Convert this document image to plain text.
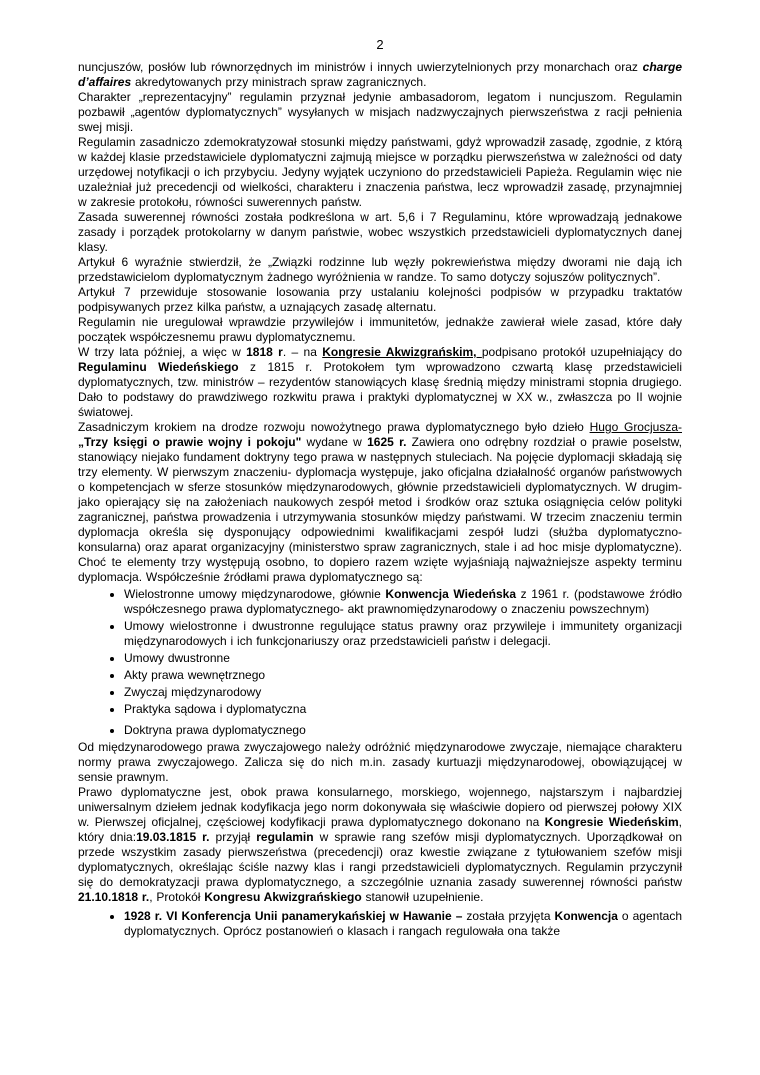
2

nuncjuszów, posłów lub równorzędnych im ministrów i innych uwierzytelnionych przy monarchach oraz charge d’affaires akredytowanych przy ministrach spraw zagranicznych.

Charakter „reprezentacyjny” regulamin przyznał jedynie ambasadorom, legatom i nuncjuszom. Regulamin pozbawił „agentów dyplomatycznych” wysyłanych w misjach nadzwyczajnych pierwszeństwa z racji pełnienia swej misji.

Regulamin zasadniczo zdemokratyzował stosunki między państwami, gdyż wprowadził zasadę, zgodnie, z którą w każdej klasie przedstawiciele dyplomatyczni zajmują miejsce w porządku pierwszeństwa w zależności od daty urzędowej notyfikacji o ich przybyciu. Jedyny wyjątek uczyniono do przedstawicieli Papieża. Regulamin więc nie uzależniał już precedencji od wielkości, charakteru i znaczenia państwa, lecz wprowadził zasadę, przynajmniej w zakresie protokołu, równości suwerennych państw.

Zasada suwerennej równości została podkreślona w art. 5,6 i 7 Regulaminu, które wprowadzają jednakowe zasady i porządek protokolarny w danym państwie, wobec wszystkich przedstawicieli dyplomatycznych danej klasy.

Artykuł 6 wyraźnie stwierdził, że „Związki rodzinne lub węzły pokrewieństwa między dworami nie dają ich przedstawicielom dyplomatycznym żadnego wyróżnienia w randze. To samo dotyczy sojuszów politycznych”.

Artykuł 7 przewiduje stosowanie losowania przy ustalaniu kolejności podpisów w przypadku traktatów podpisywanych przez kilka państw, a uznających zasadę alternatu.

Regulamin nie uregulował wprawdzie przywilejów i immunitetów, jednakże zawierał wiele zasad, które dały początek współczesnemu prawu dyplomatycznemu.

W trzy lata później, a więc w 1818 r. – na Kongresie Akwizgrańskim, podpisano protokół uzupełniający do Regulaminu Wiedeńskiego z 1815 r. Protokołem tym wprowadzono czwartą klasę przedstawicieli dyplomatycznych, tzw. ministrów – rezydentów stanowiących klasę średnią między ministrami stopnia drugiego. Dało to podstawy do prawdziwego rozkwitu prawa i praktyki dyplomatycznej w XX w., zwłaszcza po II wojnie światowej.

Zasadniczym krokiem na drodze rozwoju nowożytnego prawa dyplomatycznego było dzieło Hugo Grocjusza- „Trzy księgi o prawie wojny i pokoju" wydane w 1625 r. Zawiera ono odrębny rozdział o prawie poselstw, stanowiący niejako fundament doktryny tego prawa w następnych stuleciach. Na pojęcie dyplomacji składają się trzy elementy. W pierwszym znaczeniu- dyplomacja występuje, jako oficjalna działalność organów państwowych o kompetencjach w sferze stosunków międzynarodowych, głównie przedstawicieli dyplomatycznych. W drugim-jako opierający się na założeniach naukowych zespół metod i środków oraz sztuka osiągnięcia celów polityki zagranicznej, państwa prowadzenia i utrzymywania stosunków między państwami. W trzecim znaczeniu termin dyplomacja określa się dysponujący odpowiednimi kwalifikacjami zespół ludzi (służba dyplomatyczno-konsularna) oraz aparat organizacyjny (ministerstwo spraw zagranicznych, stale i ad hoc misje dyplomatyczne). Choć te elementy trzy występują osobno, to dopiero razem wzięte wyjaśniają najważniejsze aspekty terminu dyplomacja. Współcześnie źródłami prawa dyplomatycznego są:

• Wielostronne umowy międzynarodowe, głównie Konwencja Wiedeńska z 1961 r. (podstawowe źródło współczesnego prawa dyplomatycznego- akt prawnomiędzynarodowy o znaczeniu powszechnym)
• Umowy wielostronne i dwustronne regulujące status prawny oraz przywileje i immunitety organizacji międzynarodowych i ich funkcjonariuszy oraz przedstawicieli państw i delegacji.
• Umowy dwustronne
• Akty prawa wewnętrznego
• Zwyczaj międzynarodowy
• Praktyka sądowa i dyplomatyczna
• Doktryna prawa dyplomatycznego

Od międzynarodowego prawa zwyczajowego należy odróżnić międzynarodowe zwyczaje, niemające charakteru normy prawa zwyczajowego. Zalicza się do nich m.in. zasady kurtuazji międzynarodowej, obowiązującej w sensie prawnym.

Prawo dyplomatyczne jest, obok prawa konsularnego, morskiego, wojennego, najstarszym i najbardziej uniwersalnym dziełem jednak kodyfikacja jego norm dokonywała się właściwie dopiero od pierwszej połowy XIX w. Pierwszej oficjalnej, częściowej kodyfikacji prawa dyplomatycznego dokonano na Kongresie Wiedeńskim, który dnia:19.03.1815 r. przyjął regulamin w sprawie rang szefów misji dyplomatycznych. Uporządkował on przede wszystkim zasady pierwszeństwa (precedencji) oraz kwestie związane z tytułowaniem szefów misji dyplomatycznych, określając ściśle nazwy klas i rangi przedstawicieli dyplomatycznych. Regulamin przyczynił się do demokratyzacji prawa dyplomatycznego, a szczególnie uznania zasady suwerennej równości państw 21.10.1818 r., Protokół Kongresu Akwizgrańskiego stanowił uzupełnienie.

• 1928 r. VI Konferencja Unii panamerykańskiej w Hawanie – została przyjęta Konwencja o agentach dyplomatycznych. Oprócz postanowień o klasach i rangach regulowała ona także
